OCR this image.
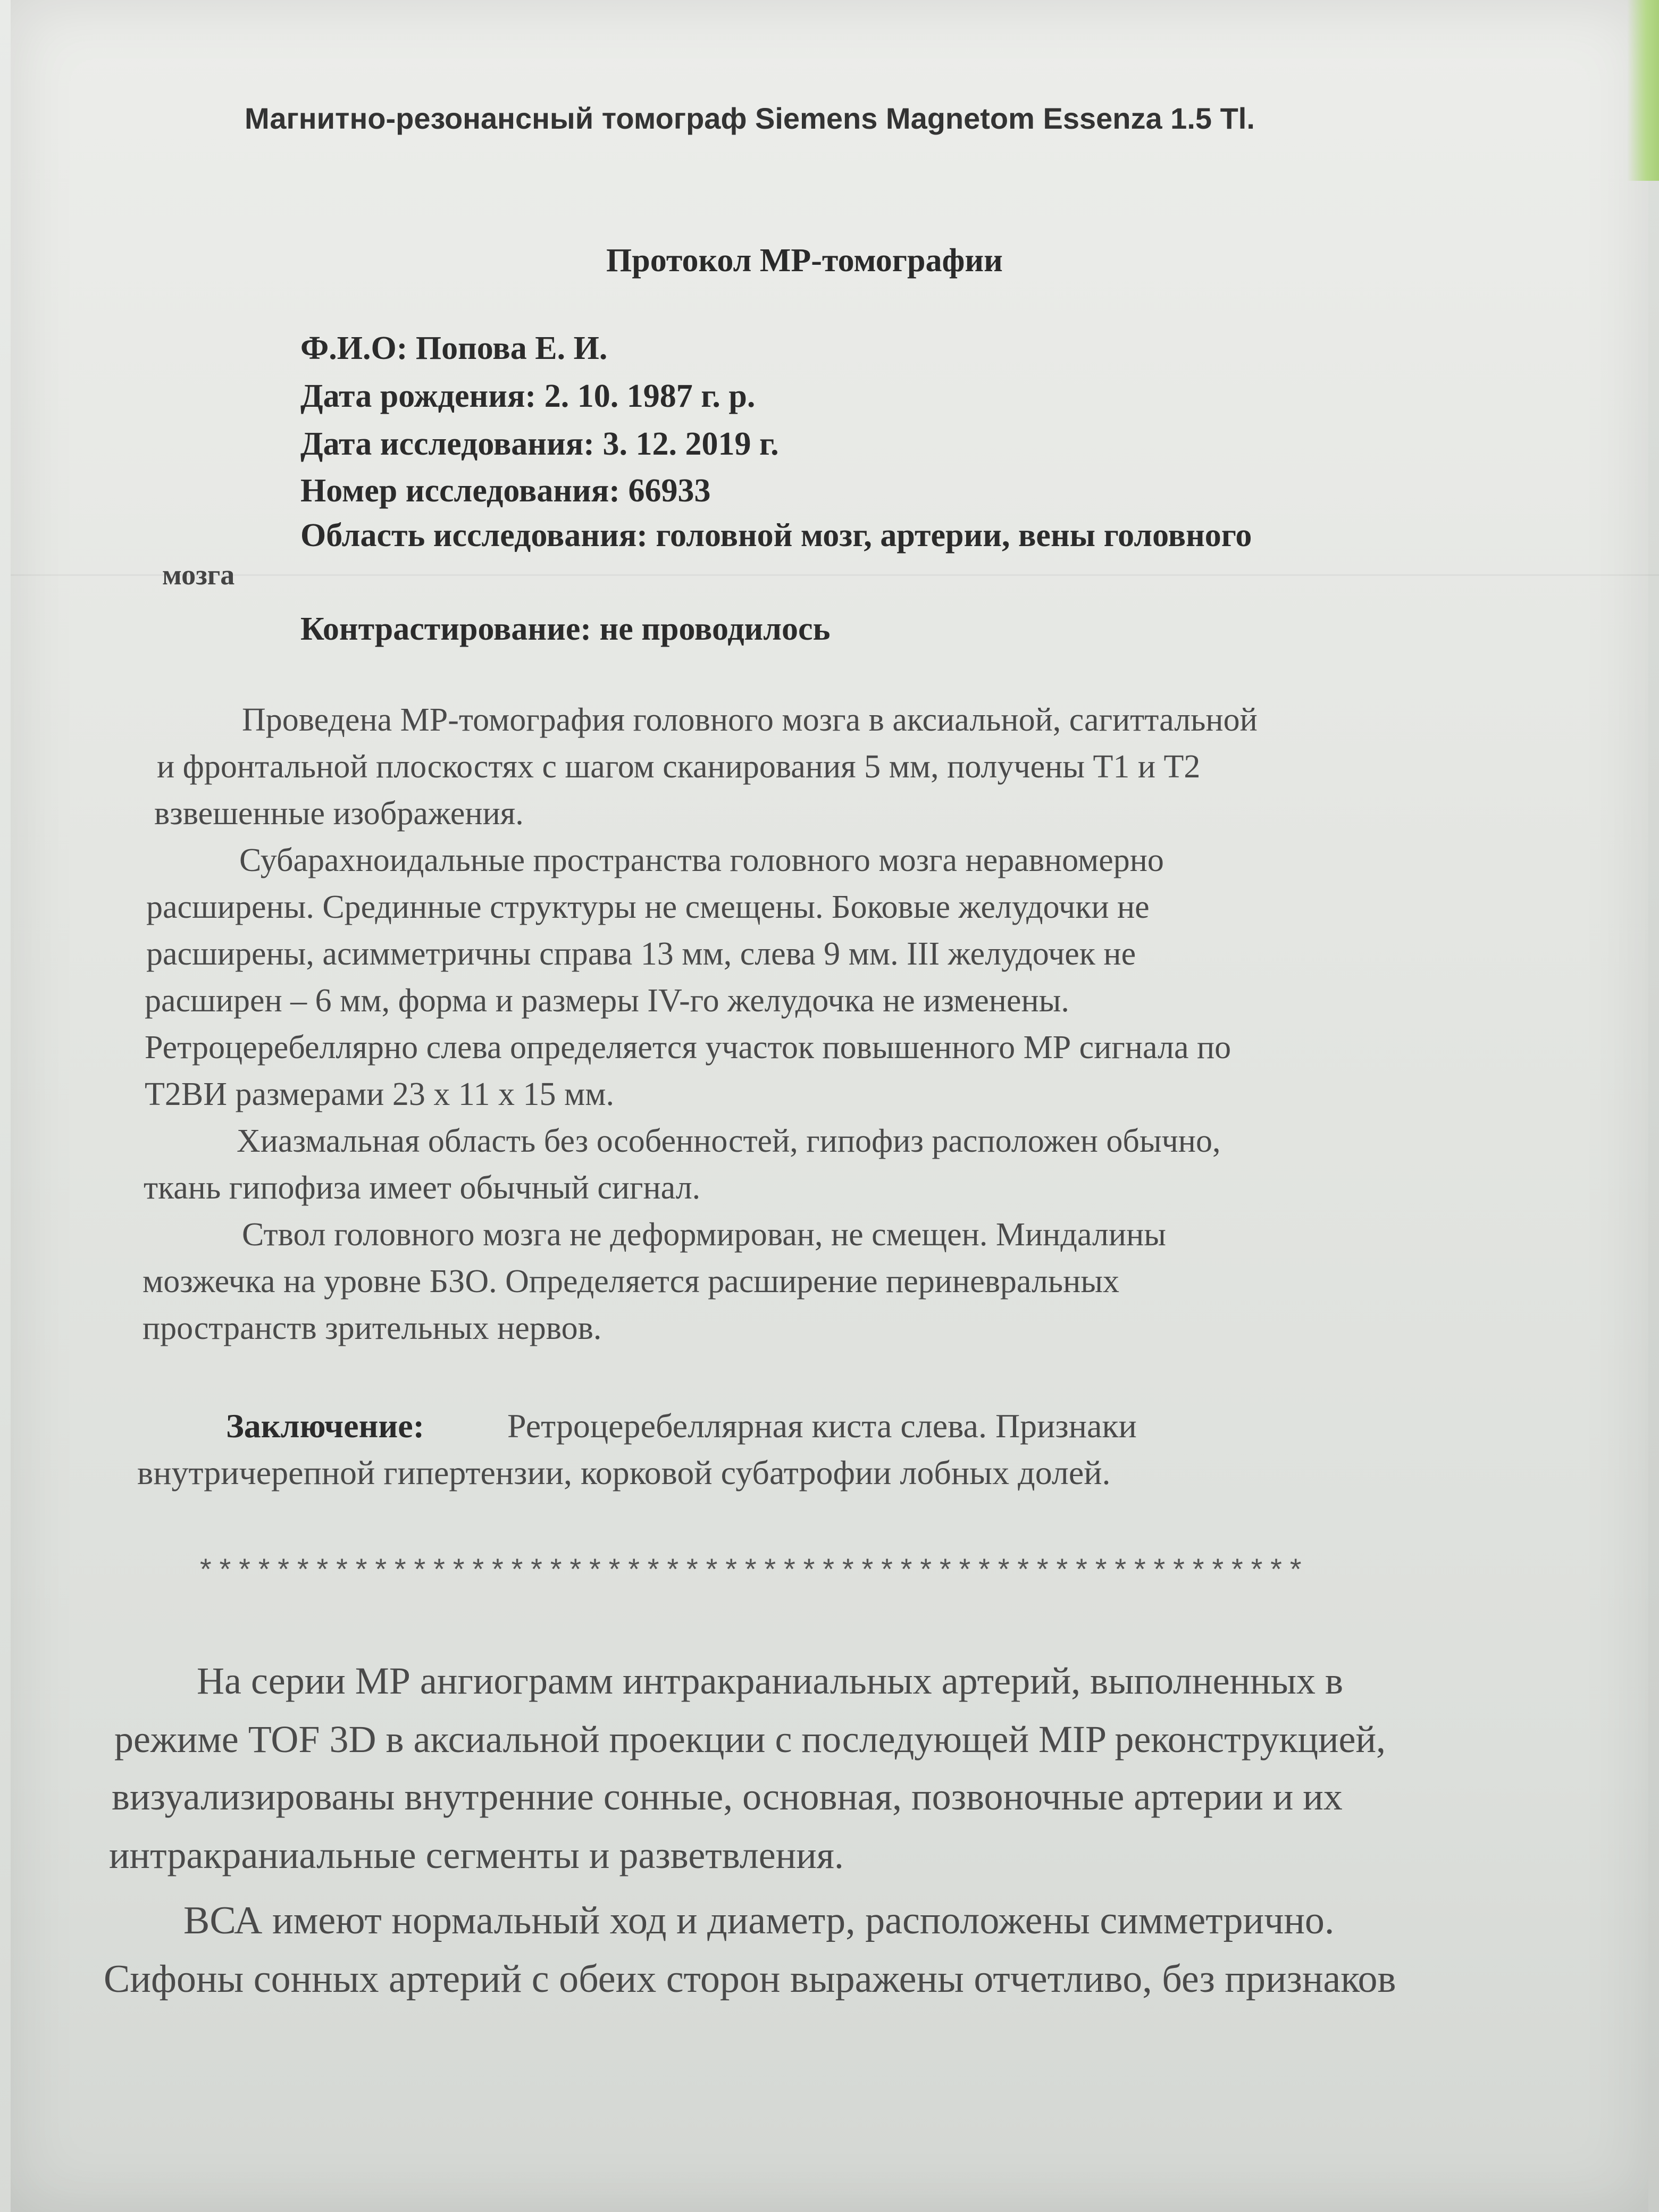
Магнитно-резонансный томограф Siemens Magnetom Essenza 1.5 Tl.
Протокол МР-томографии
Ф.И.О: Попова Е. И.
Дата рождения: 2. 10. 1987 г. р.
Дата исследования: 3. 12. 2019 г.
Номер исследования: 66933
Область исследования: головной мозг, артерии, вены головного
мозга
Контрастирование: не проводилось
Проведена МР-томография головного мозга в аксиальной, сагиттальной
и фронтальной плоскостях с шагом сканирования 5 мм, получены Т1 и Т2
взвешенные изображения.
Субарахноидальные пространства головного мозга неравномерно
расширены. Срединные структуры не смещены. Боковые желудочки не
расширены, асимметричны справа 13 мм, слева 9 мм. III желудочек не
расширен – 6 мм, форма и размеры IV-го желудочка не изменены.
Ретроцеребеллярно слева определяется участок повышенного МР сигнала по
Т2ВИ размерами 23 х 11 х 15 мм.
Хиазмальная область без особенностей, гипофиз расположен обычно,
ткань гипофиза имеет обычный сигнал.
Ствол головного мозга не деформирован, не смещен. Миндалины
мозжечка на уровне БЗО. Определяется расширение периневральных
пространств зрительных нервов.
Заключение: Ретроцеребеллярная киста слева. Признаки
внутричерепной гипертензии, корковой субатрофии лобных долей.
*********************************************************
На серии МР ангиограмм интракраниальных артерий, выполненных в
режиме TOF 3D в аксиальной проекции с последующей MIP реконструкцией,
визуализированы внутренние сонные, основная, позвоночные артерии и их
интракраниальные сегменты и разветвления.
ВСА имеют нормальный ход и диаметр, расположены симметрично.
Сифоны сонных артерий с обеих сторон выражены отчетливо, без признаков
